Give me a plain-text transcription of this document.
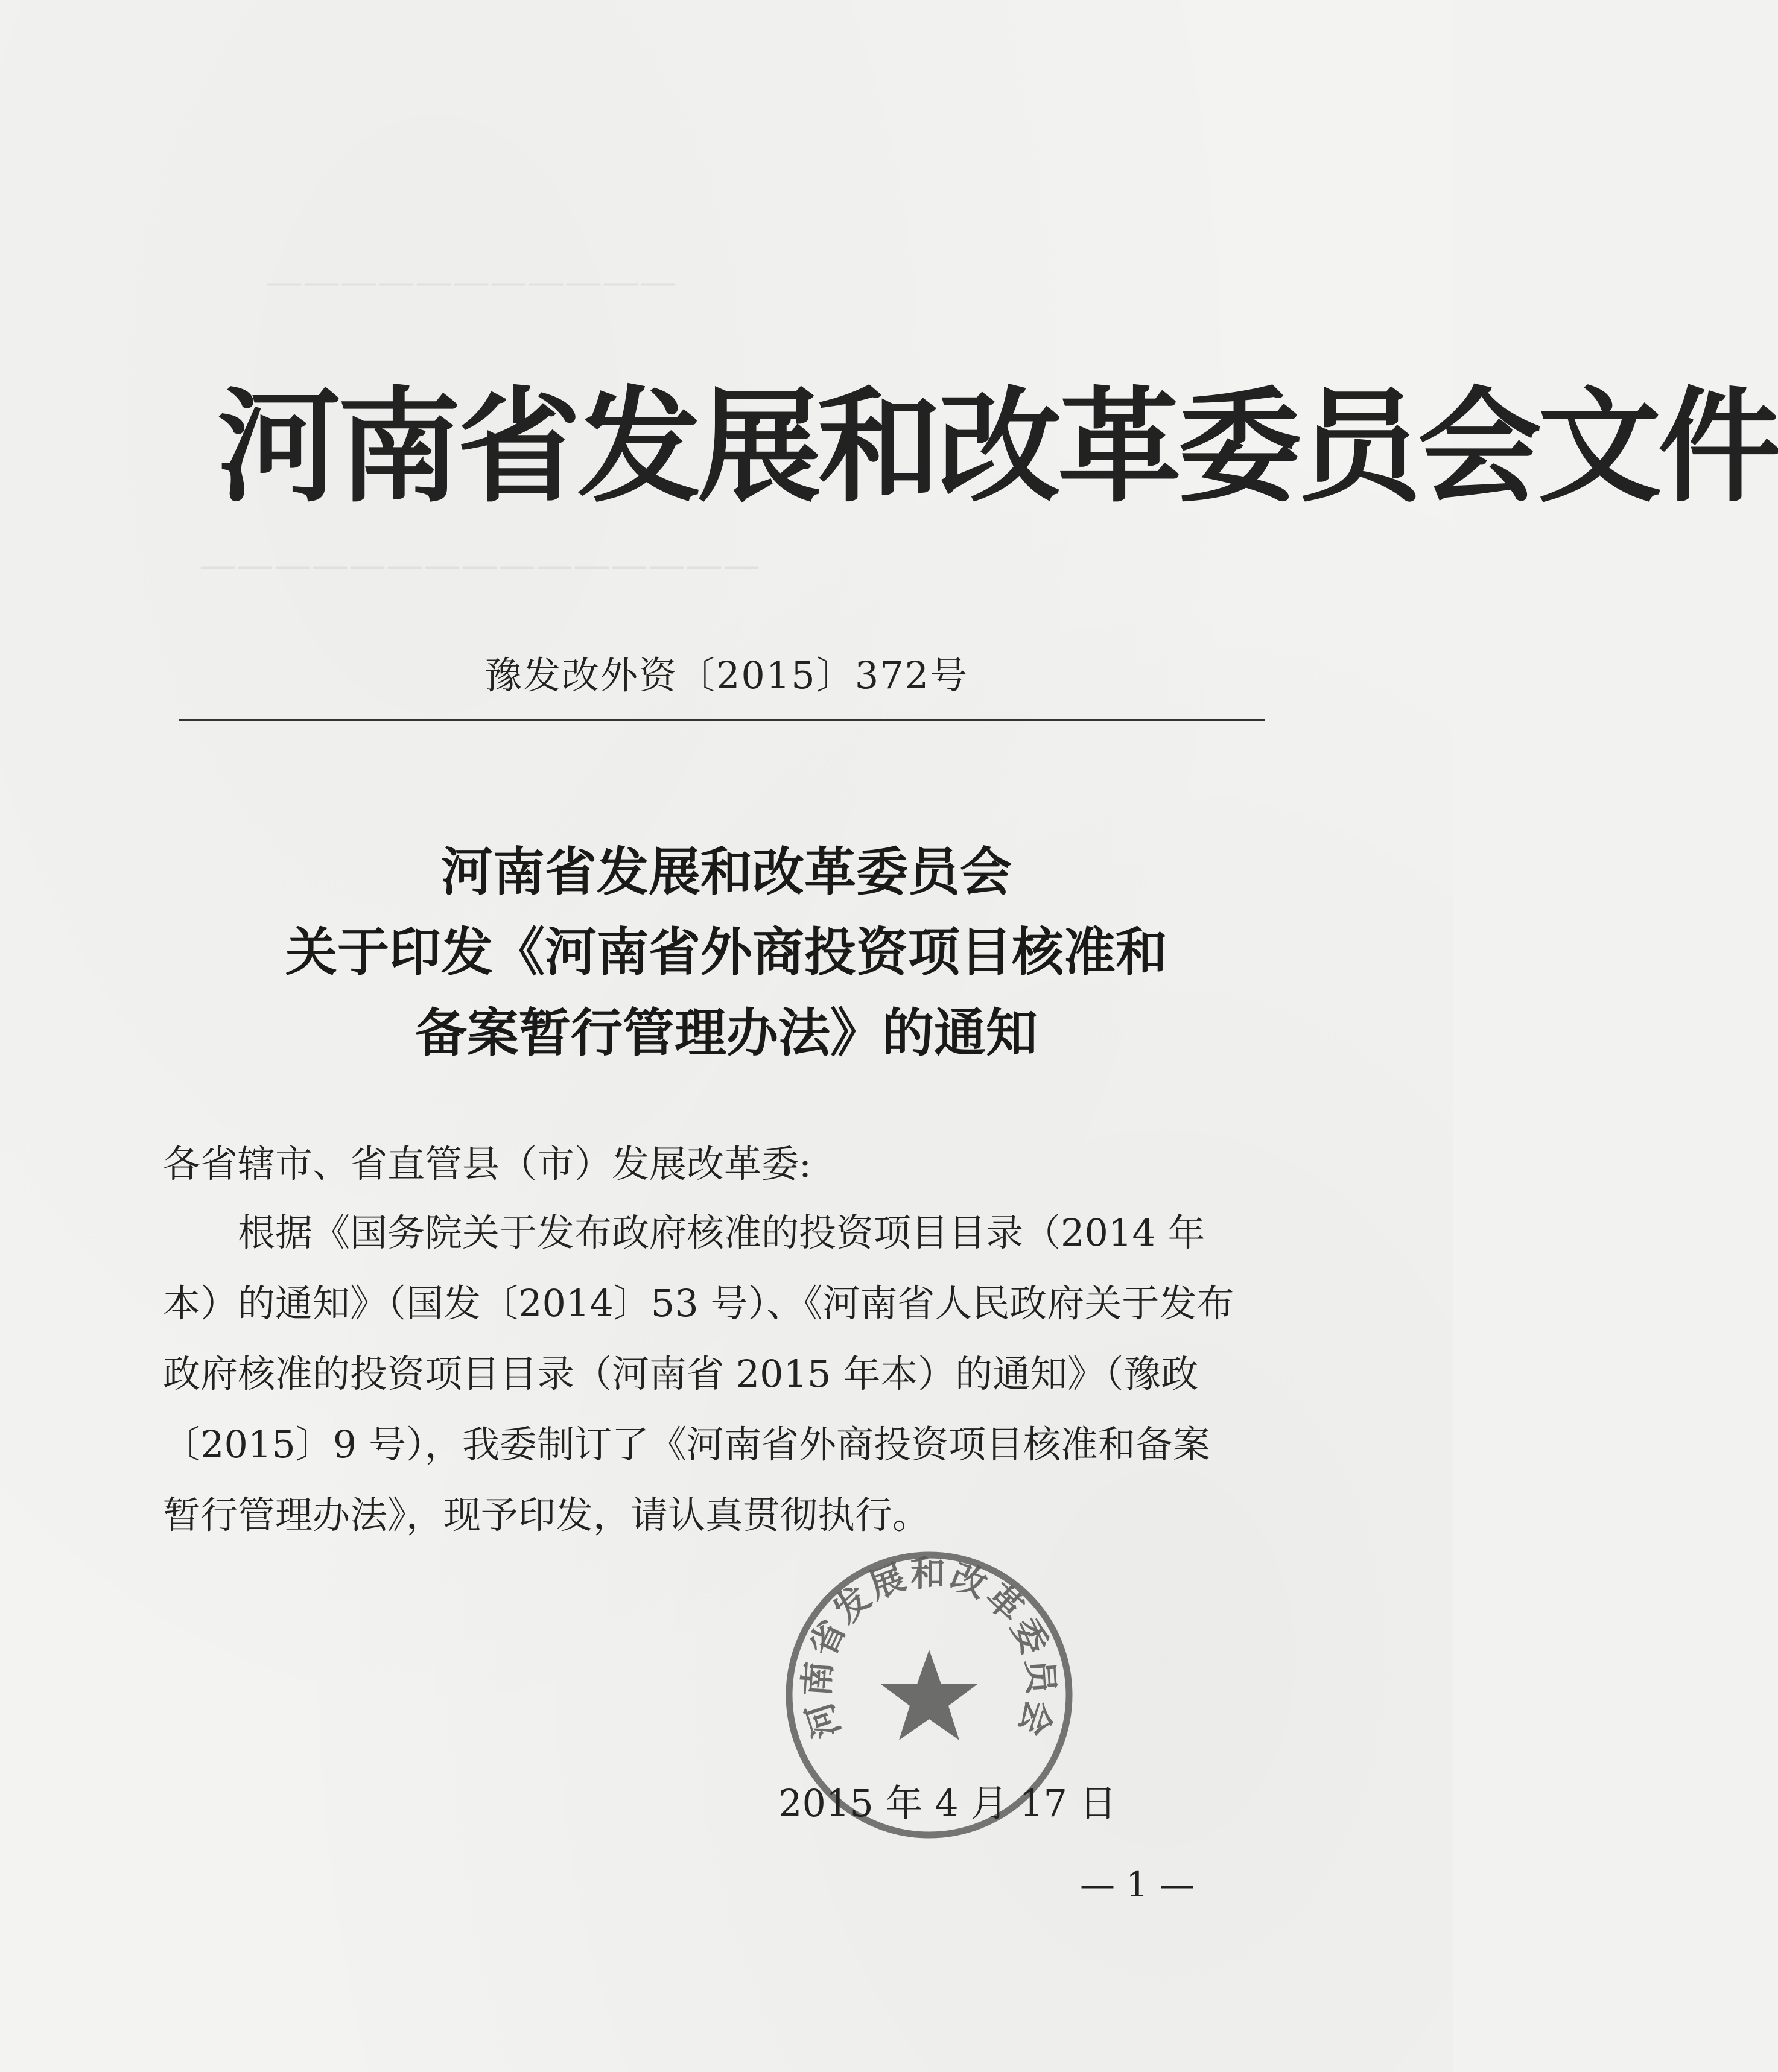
———————————
———————————————
河南省发展和改革委员会文件
豫发改外资〔2015〕372号
河南省发展和改革委员会
关于印发《河南省外商投资项目核准和
备案暂行管理办法》的通知
各省辖市、省直管县（市）发展改革委:
根据《国务院关于发布政府核准的投资项目目录（2014 年
本）的通知》（国发〔2014〕53 号）、《河南省人民政府关于发布
政府核准的投资项目目录（河南省 2015 年本）的通知》（豫政
〔2015〕9 号），我委制订了《河南省外商投资项目核准和备案
暂行管理办法》，现予印发，请认真贯彻执行。
河南省发展和改革委员会
2015 年 4 月 17 日
— 1 —
